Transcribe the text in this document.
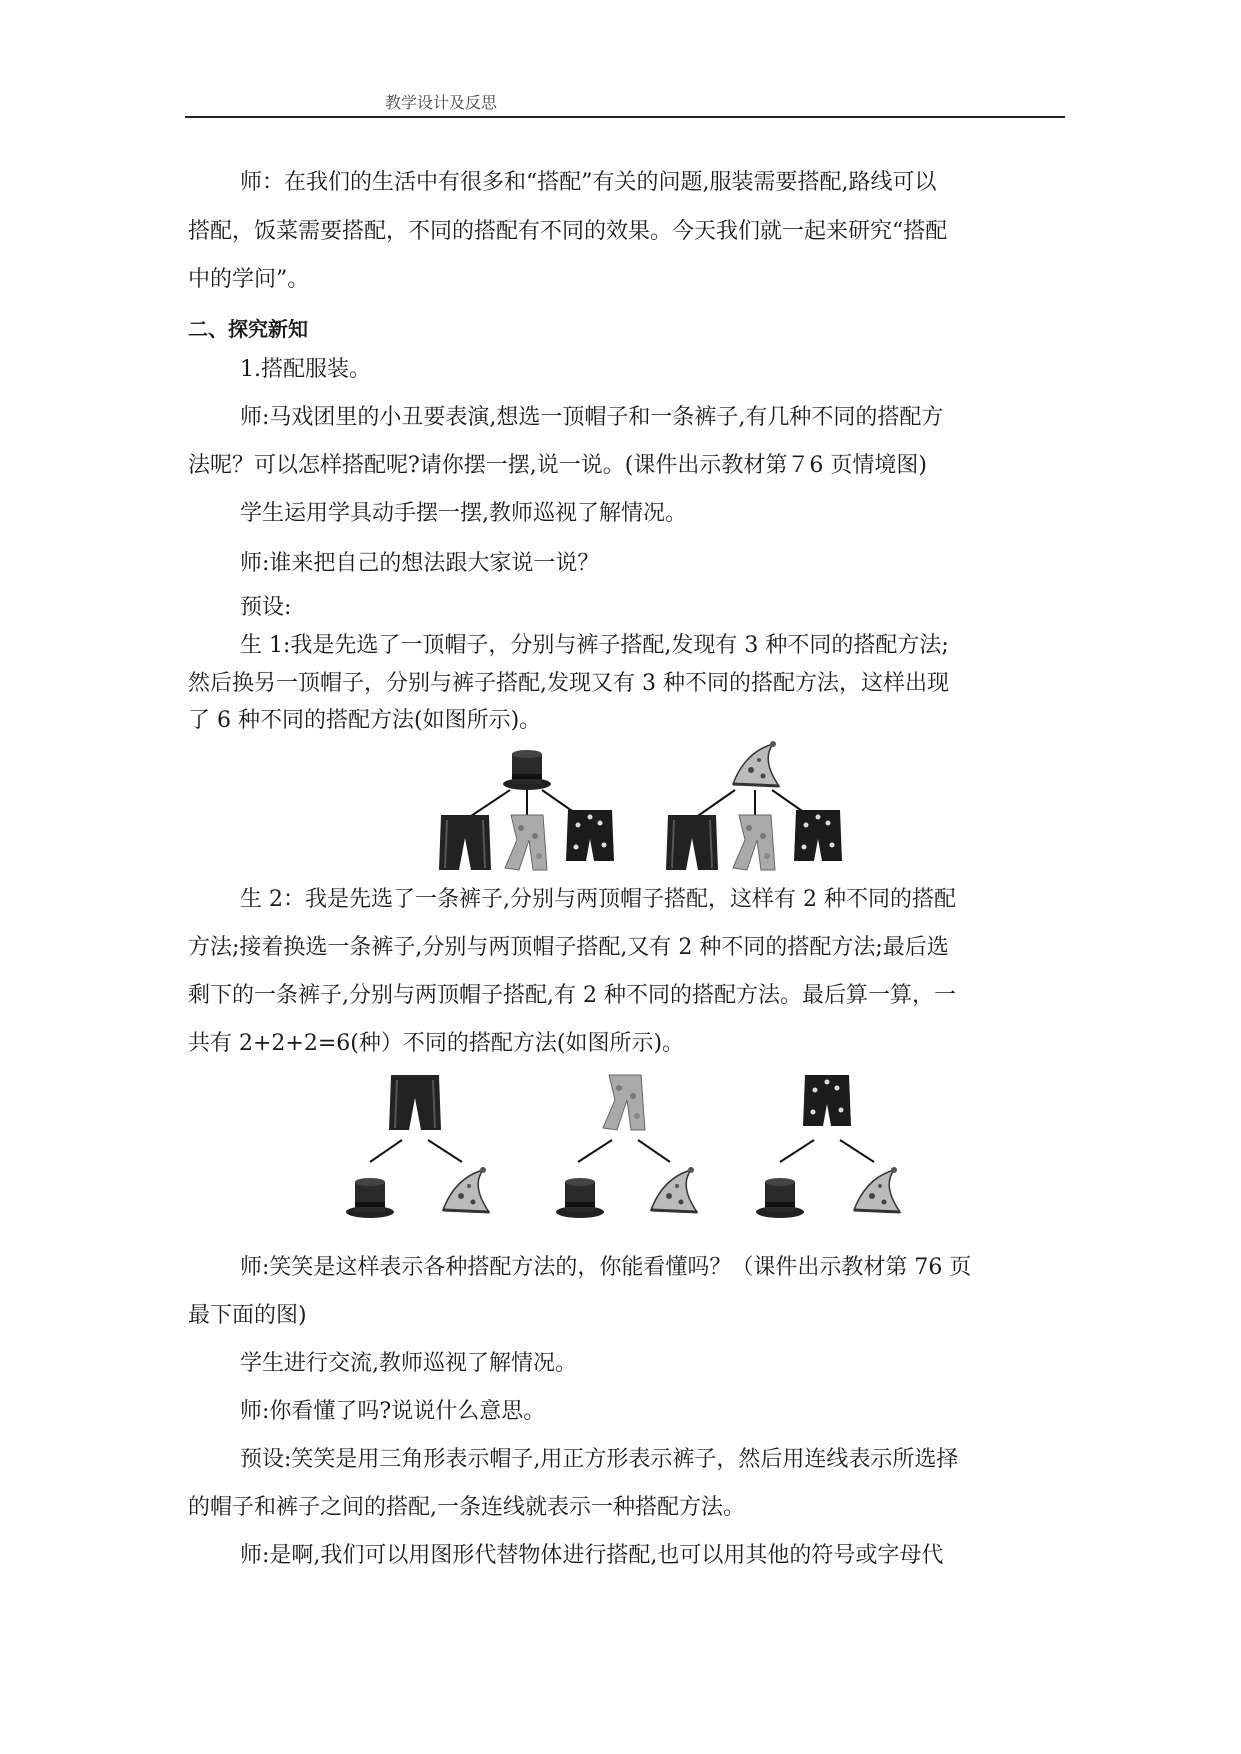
教学设计及反思
师：在我们的生活中有很多和“搭配”有关的问题,服装需要搭配,路线可以
搭配，饭菜需要搭配，不同的搭配有不同的效果。今天我们就一起来研究“搭配
中的学问”。
二、探究新知
1.搭配服装。
师:马戏团里的小丑要表演,想选一顶帽子和一条裤子,有几种不同的搭配方
法呢？可以怎样搭配呢?请你摆一摆,说一说。(课件出示教材第７6 页情境图)
学生运用学具动手摆一摆,教师巡视了解情况。
师:谁来把自己的想法跟大家说一说？
预设:
生 1:我是先选了一顶帽子，分别与裤子搭配,发现有 3 种不同的搭配方法;
然后换另一顶帽子，分别与裤子搭配,发现又有 3 种不同的搭配方法，这样出现
了 6 种不同的搭配方法(如图所示)。
生 2：我是先选了一条裤子,分别与两顶帽子搭配，这样有 2 种不同的搭配
方法;接着换选一条裤子,分别与两顶帽子搭配,又有 2 种不同的搭配方法;最后选
剩下的一条裤子,分别与两顶帽子搭配,有 2 种不同的搭配方法。最后算一算，一
共有 2+2+2=6(种）不同的搭配方法(如图所示)。
师:笑笑是这样表示各种搭配方法的，你能看懂吗？（课件出示教材第 76 页
最下面的图)
学生进行交流,教师巡视了解情况。
师:你看懂了吗?说说什么意思。
预设:笑笑是用三角形表示帽子,用正方形表示裤子，然后用连线表示所选择
的帽子和裤子之间的搭配,一条连线就表示一种搭配方法。
师:是啊,我们可以用图形代替物体进行搭配,也可以用其他的符号或字母代
